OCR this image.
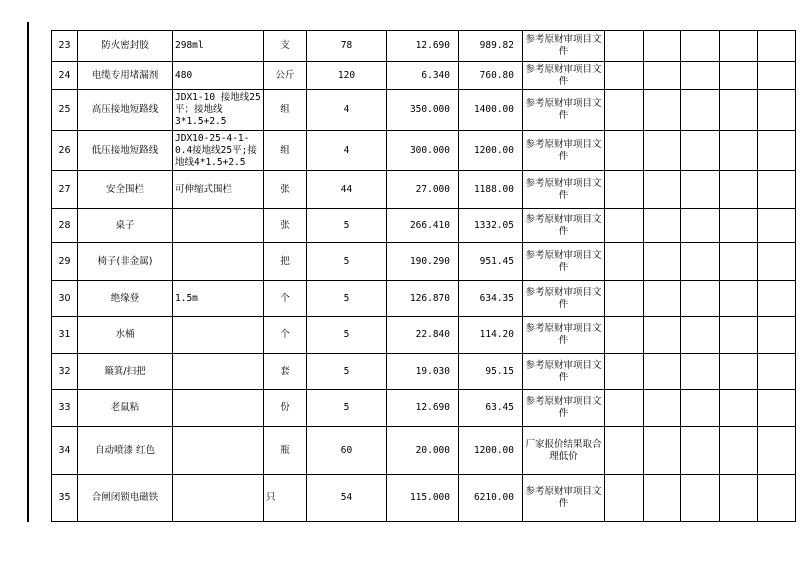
23	防火密封胶	298ml	支	78	12.690	989.82	参考原财审项目文件					
24	电缆专用堵漏剂	480	公斤	120	6.340	760.80	参考原财审项目文件					
25	高压接地短路线	JDX1-10 接地线25平；接地线3*1.5+2.5	组	4	350.000	1400.00	参考原财审项目文件					
26	低压接地短路线	JDX10-25-4-1-0.4接地线25平;接地线4*1.5+2.5	组	4	300.000	1200.00	参考原财审项目文件					
27	安全围栏	可伸缩式围栏	张	44	27.000	1188.00	参考原财审项目文件					
28	桌子		张	5	266.410	1332.05	参考原财审项目文件					
29	椅子(非金属)		把	5	190.290	951.45	参考原财审项目文件					
30	绝缘登	1.5m	个	5	126.870	634.35	参考原财审项目文件					
31	水桶		个	5	22.840	114.20	参考原财审项目文件					
32	簸箕/扫把		套	5	19.030	95.15	参考原财审项目文件					
33	老鼠粘		份	5	12.690	63.45	参考原财审项目文件					
34	自动喷漆 红色		瓶	60	20.000	1200.00	厂家报价结果取合理低价					
35	合闸闭锁电磁铁		只	54	115.000	6210.00	参考原财审项目文件					
